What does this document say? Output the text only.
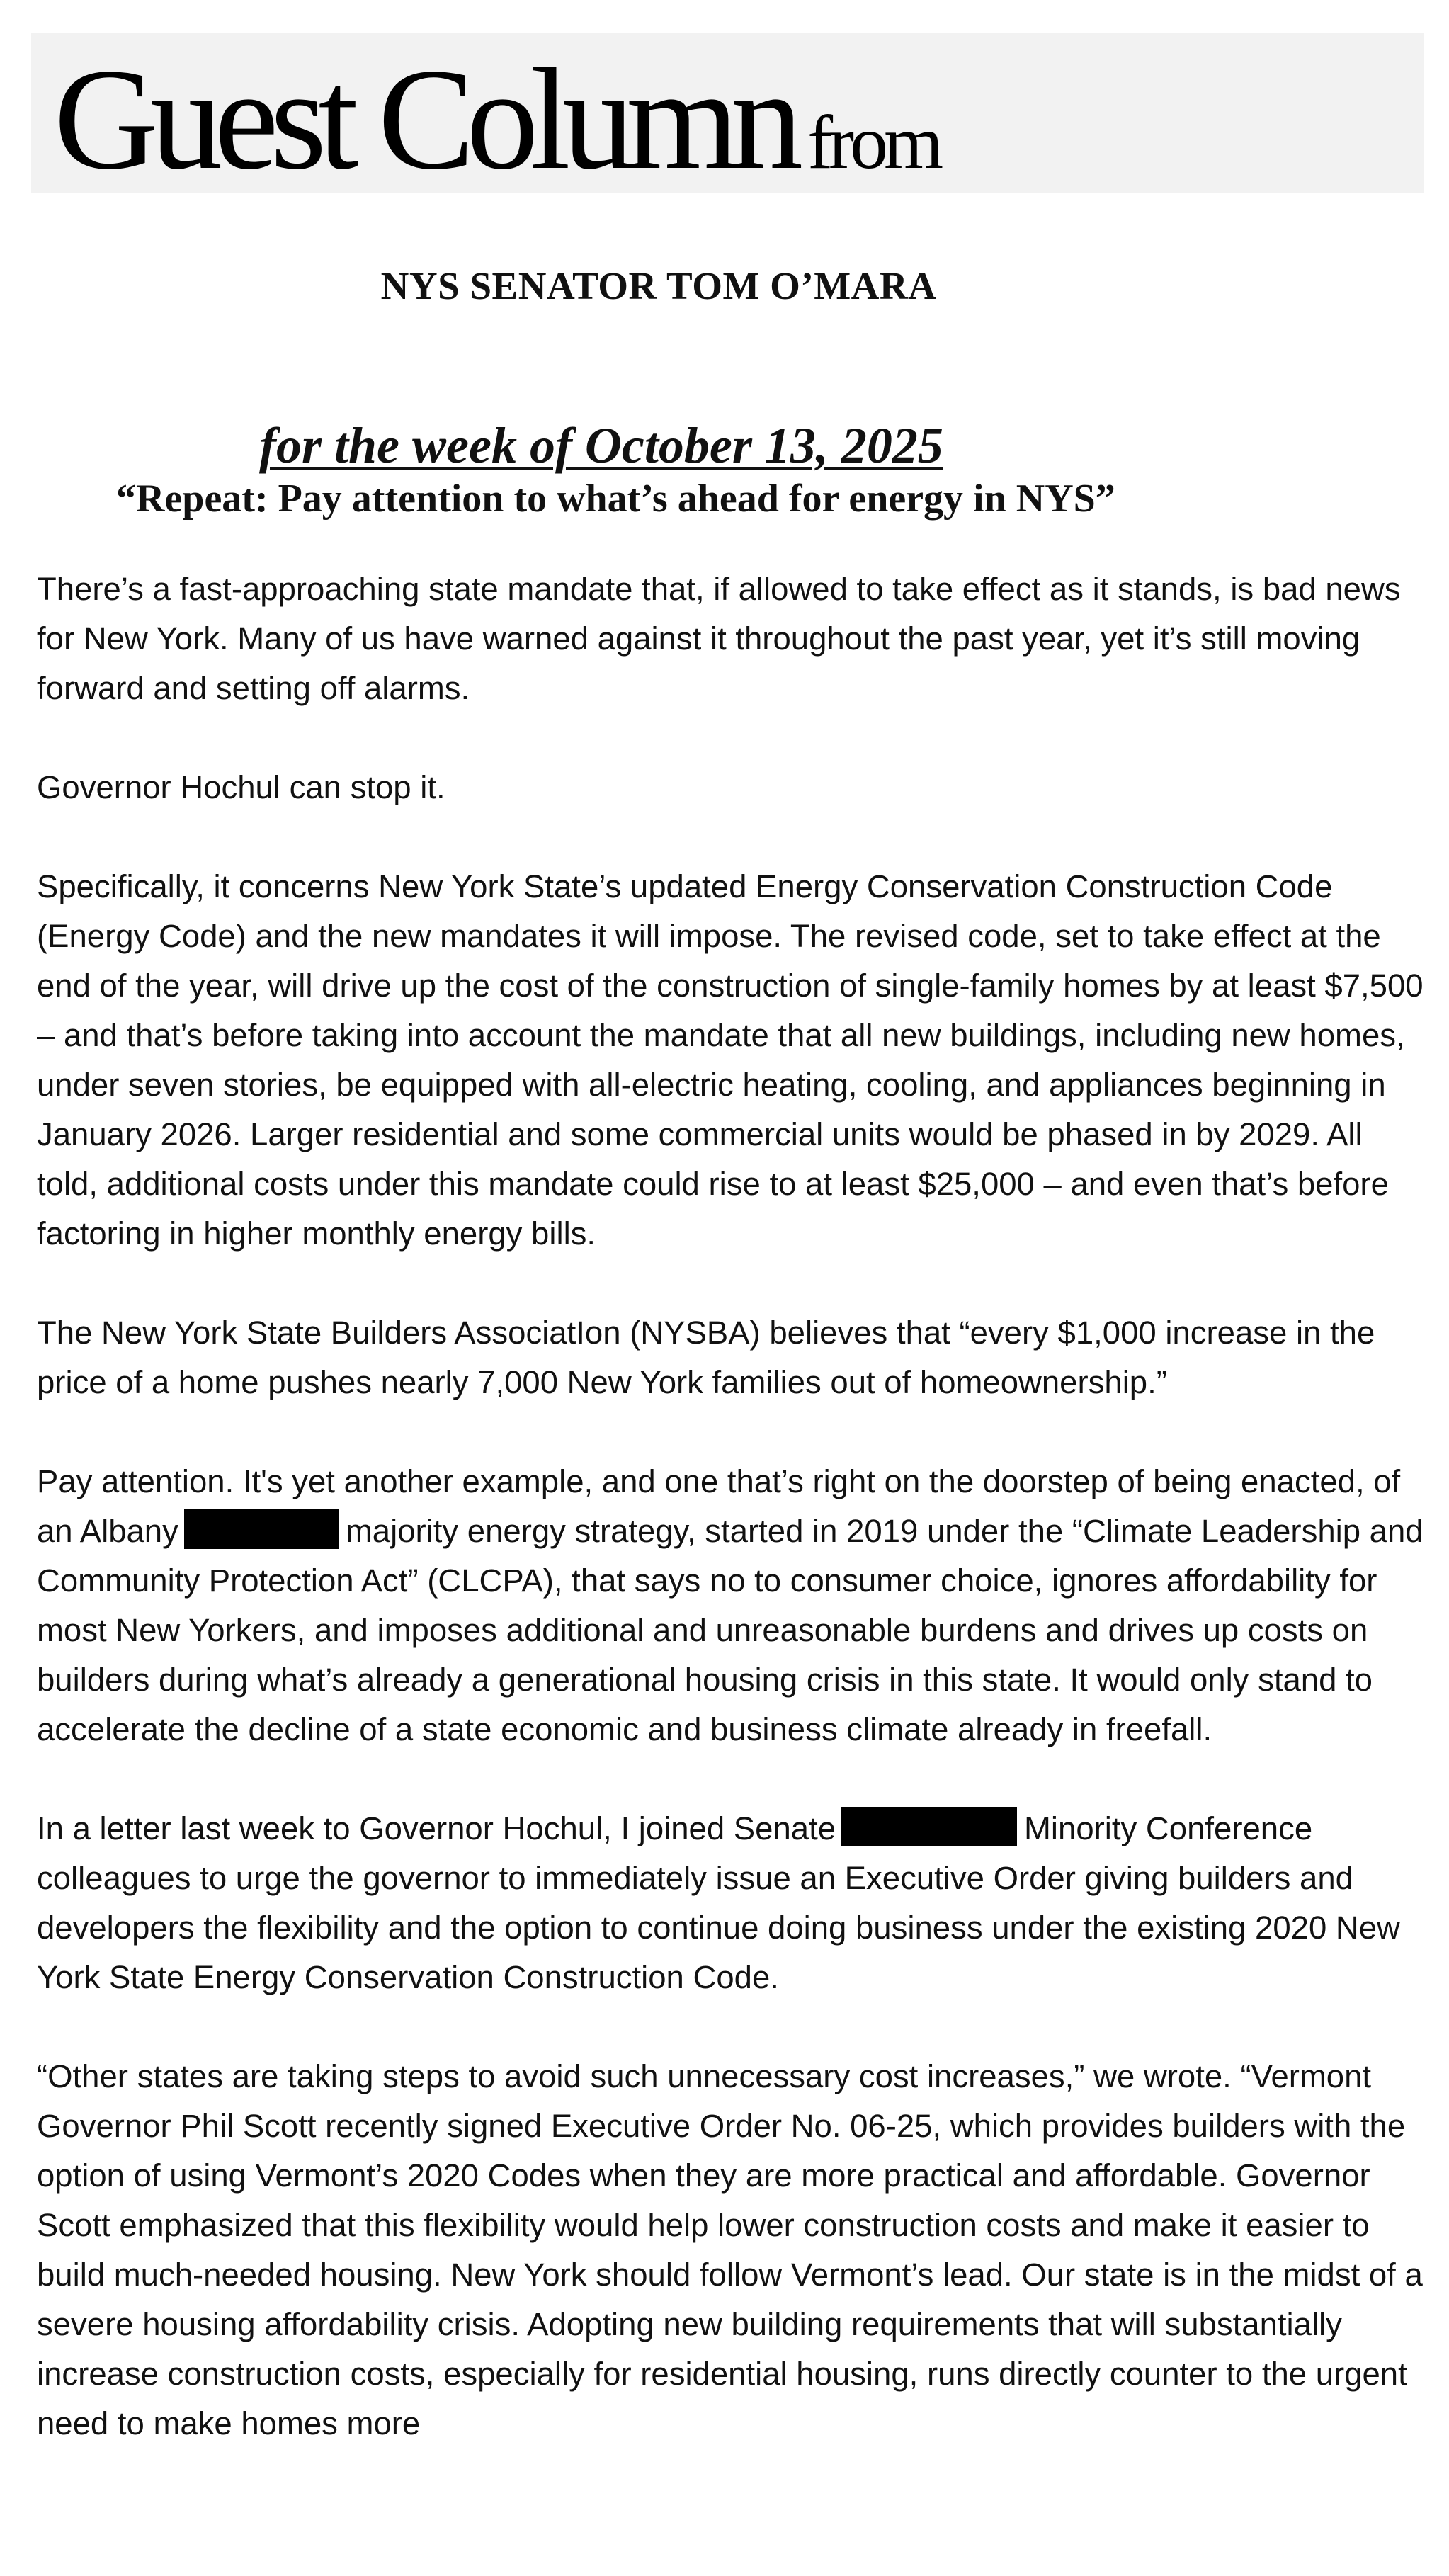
Guest Column from
NYS SENATOR TOM O’MARA
for the week of October 13, 2025
“Repeat: Pay attention to what’s ahead for energy in NYS”

There’s a fast-approaching state mandate that, if allowed to take effect as it stands, is bad news for New York. Many of us have warned against it throughout the past year, yet it’s still moving forward and setting off alarms.

Governor Hochul can stop it.

Specifically, it concerns New York State’s updated Energy Conservation Construction Code (Energy Code) and the new mandates it will impose. The revised code, set to take effect at the end of the year, will drive up the cost of the construction of single-family homes by at least $7,500 – and that’s before taking into account the mandate that all new buildings, including new homes, under seven stories, be equipped with all-electric heating, cooling, and appliances beginning in January 2026. Larger residential and some commercial units would be phased in by 2029. All told, additional costs under this mandate could rise to at least $25,000 – and even that’s before factoring in higher monthly energy bills.

The New York State Builders AssociatIon (NYSBA) believes that “every $1,000 increase in the price of a home pushes nearly 7,000 New York families out of homeownership.”

Pay attention. It's yet another example, and one that’s right on the doorstep of being enacted, of an Albany	majority energy strategy, started in 2019 under the “Climate Leadership and Community Protection Act” (CLCPA), that says no to consumer choice, ignores affordability for most New Yorkers, and imposes additional and unreasonable burdens and drives up costs on builders during what’s already a generational housing crisis in this state. It would only stand to accelerate the decline of a state economic and business climate already in freefall.

In a letter last week to Governor Hochul, I joined Senate	Minority Conference colleagues to urge the governor to immediately issue an Executive Order giving builders and developers the flexibility and the option to continue doing business under the existing 2020 New York State Energy Conservation Construction Code.

“Other states are taking steps to avoid such unnecessary cost increases,” we wrote. “Vermont Governor Phil Scott recently signed Executive Order No. 06-25, which provides builders with the option of using Vermont’s 2020 Codes when they are more practical and affordable. Governor Scott emphasized that this flexibility would help lower construction costs and make it easier to build much-needed housing. New York should follow Vermont’s lead. Our state is in the midst of a severe housing affordability crisis. Adopting new building requirements that will substantially increase construction costs, especially for residential housing, runs directly counter to the urgent need to make homes more
